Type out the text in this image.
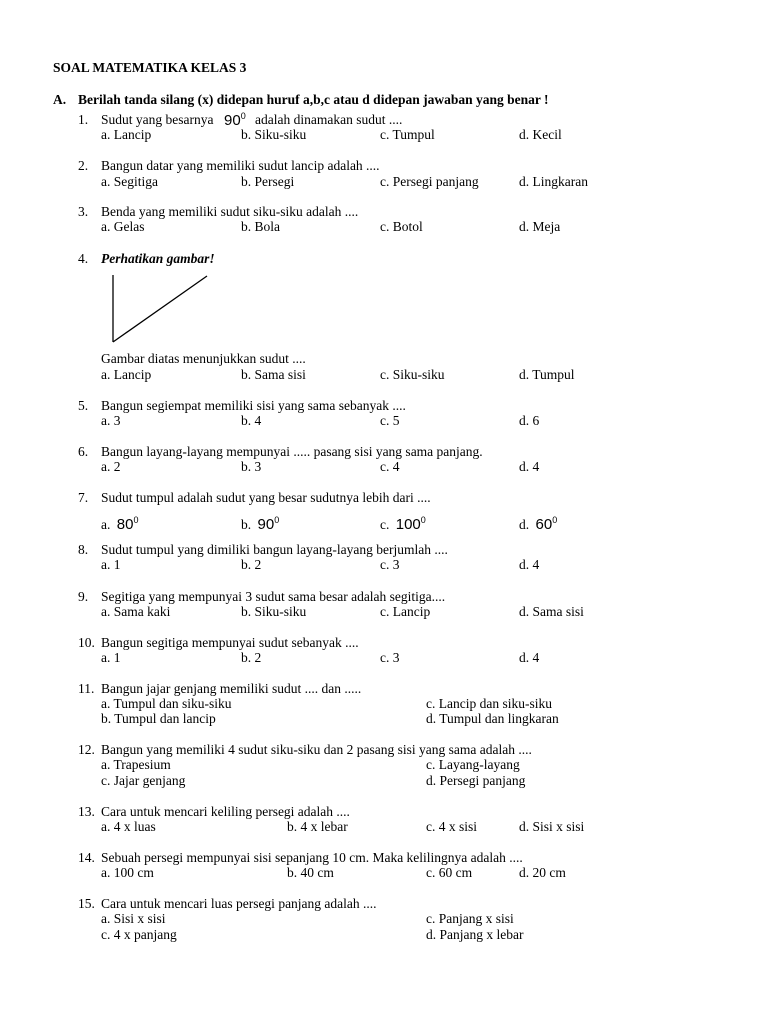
SOAL MATEMATIKA KELAS 3
A. Berilah tanda silang (x) didepan huruf a,b,c atau d didepan jawaban yang benar !
1. Sudut yang besarnya $90^0$ adalah dinamakan sudut ....
a. Lancip	b. Siku-siku	c. Tumpul	d. Kecil
2. Bangun datar yang memiliki sudut lancip adalah ....
a. Segitiga	b. Persegi	c. Persegi panjang	d. Lingkaran
3. Benda yang memiliki sudut siku-siku adalah ....
a. Gelas	b. Bola	c. Botol	d. Meja
4. Perhatikan gambar!
Gambar diatas menunjukkan sudut ....
a. Lancip	b. Sama sisi	c. Siku-siku	d. Tumpul
5. Bangun segiempat memiliki sisi yang sama sebanyak ....
a. 3	b. 4	c. 5	d. 6
6. Bangun layang-layang mempunyai ..... pasang sisi yang sama panjang.
a. 2	b. 3	c. 4	d. 4
7. Sudut tumpul adalah sudut yang besar sudutnya lebih dari ....
a. $80^0$	b. $90^0$	c. $100^0$	d. $60^0$
8. Sudut tumpul yang dimiliki bangun layang-layang berjumlah ....
a. 1	b. 2	c. 3	d. 4
9. Segitiga yang mempunyai 3 sudut sama besar adalah segitiga....
a. Sama kaki	b. Siku-siku	c. Lancip	d. Sama sisi
10. Bangun segitiga mempunyai sudut sebanyak ....
a. 1	b. 2	c. 3	d. 4
11. Bangun jajar genjang memiliki sudut .... dan .....
a. Tumpul dan siku-siku	c. Lancip dan siku-siku
b. Tumpul dan lancip	d. Tumpul dan lingkaran
12. Bangun yang memiliki 4 sudut siku-siku dan 2 pasang sisi yang sama adalah ....
a. Trapesium	c. Layang-layang
c. Jajar genjang	d. Persegi panjang
13. Cara untuk mencari keliling persegi adalah ....
a. 4 x luas	b. 4 x lebar	c. 4 x sisi	d. Sisi x sisi
14. Sebuah persegi mempunyai sisi sepanjang 10 cm. Maka kelilingnya adalah ....
a. 100 cm	b. 40 cm	c. 60 cm	d. 20 cm
15. Cara untuk mencari luas persegi panjang adalah ....
a. Sisi x sisi	c. Panjang x sisi
c. 4 x panjang	d. Panjang x lebar
